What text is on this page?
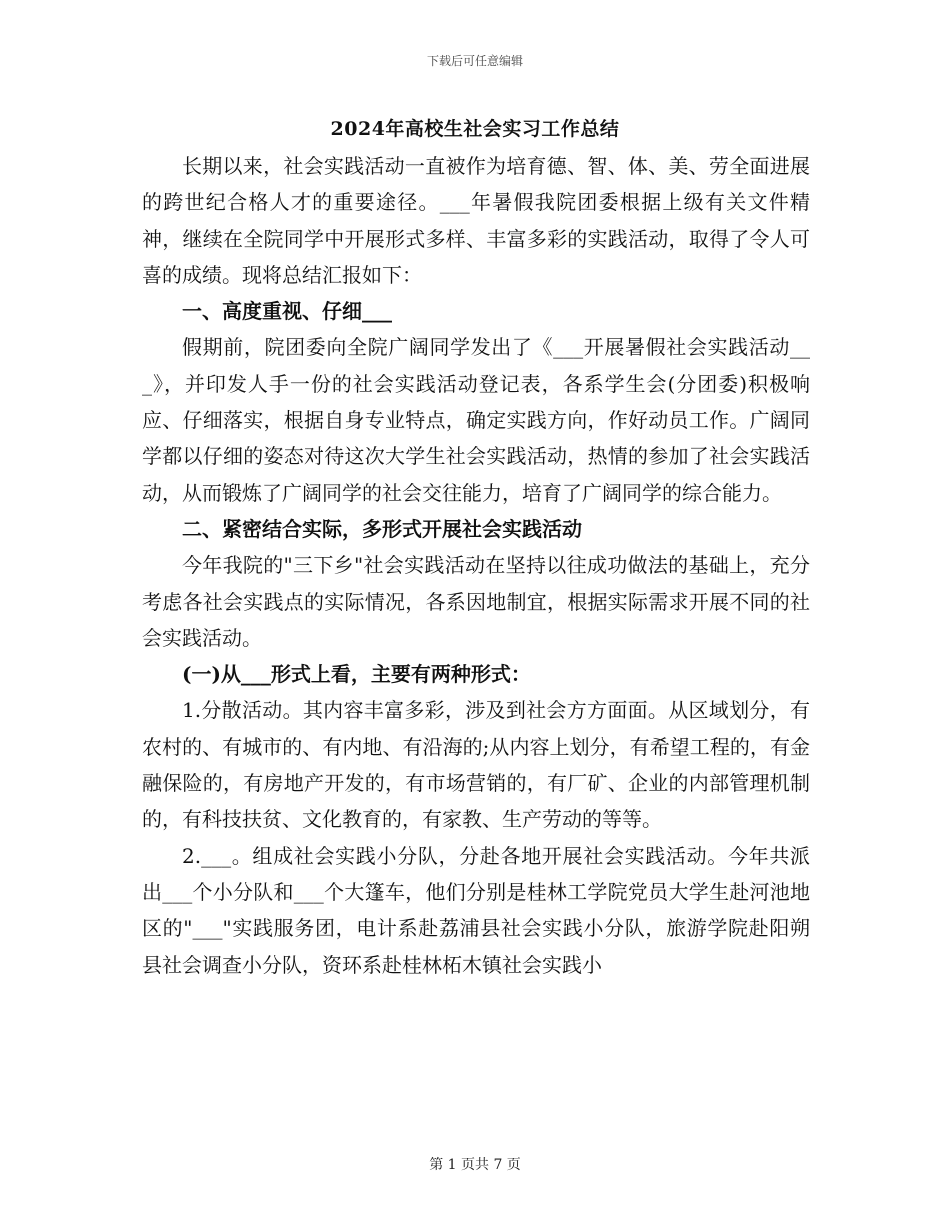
下载后可任意编辑
2024年高校生社会实习工作总结

长期以来，社会实践活动一直被作为培育德、智、体、美、劳全面进展的跨世纪合格人才的重要途径。___年暑假我院团委根据上级有关文件精神，继续在全院同学中开展形式多样、丰富多彩的实践活动，取得了令人可喜的成绩。现将总结汇报如下：

一、高度重视、仔细___

假期前，院团委向全院广阔同学发出了《___开展暑假社会实践活动___》，并印发人手一份的社会实践活动登记表，各系学生会(分团委)积极响应、仔细落实，根据自身专业特点，确定实践方向，作好动员工作。广阔同学都以仔细的姿态对待这次大学生社会实践活动，热情的参加了社会实践活动，从而锻炼了广阔同学的社会交往能力，培育了广阔同学的综合能力。

二、紧密结合实际，多形式开展社会实践活动

今年我院的"三下乡"社会实践活动在坚持以往成功做法的基础上，充分考虑各社会实践点的实际情况，各系因地制宜，根据实际需求开展不同的社会实践活动。

(一)从___形式上看，主要有两种形式：

1.分散活动。其内容丰富多彩，涉及到社会方方面面。从区域划分，有农村的、有城市的、有内地、有沿海的;从内容上划分，有希望工程的，有金融保险的，有房地产开发的，有市场营销的，有厂矿、企业的内部管理机制的，有科技扶贫、文化教育的，有家教、生产劳动的等等。

2.___。组成社会实践小分队，分赴各地开展社会实践活动。今年共派出___个小分队和___个大篷车，他们分别是桂林工学院党员大学生赴河池地区的"___"实践服务团，电计系赴荔浦县社会实践小分队，旅游学院赴阳朔县社会调查小分队，资环系赴桂林柘木镇社会实践小

第 1 页共 7 页
